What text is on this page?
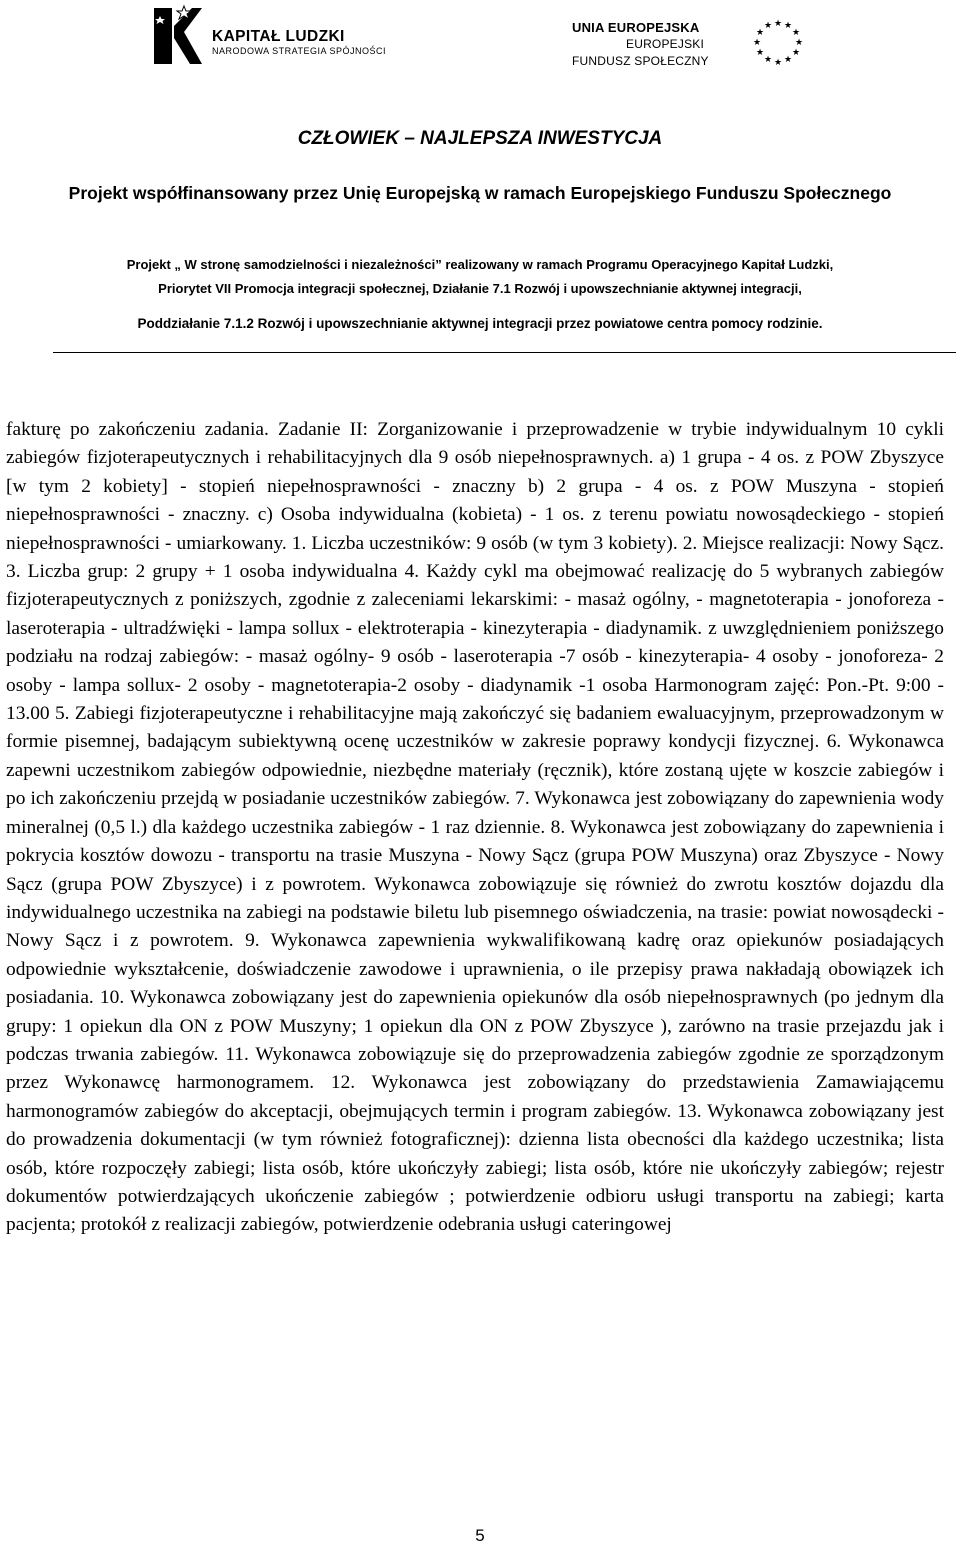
KAPITAŁ LUDZKI
NARODOWA STRATEGIA SPÓJNOŚCI
UNIA EUROPEJSKA
EUROPEJSKI
FUNDUSZ SPOŁECZNY
★ ★
★
★
★
★
★
★
★
★
★
★
CZŁOWIEK – NAJLEPSZA INWESTYCJA
Projekt współfinansowany przez Unię Europejską w ramach Europejskiego Funduszu Społecznego
Projekt „ W stronę samodzielności i niezależności” realizowany w ramach Programu Operacyjnego Kapitał Ludzki,
Priorytet VII Promocja integracji społecznej, Działanie 7.1 Rozwój i upowszechnianie aktywnej integracji,
Poddziałanie 7.1.2 Rozwój i upowszechnianie aktywnej integracji przez powiatowe centra pomocy rodzinie.

fakturę po zakończeniu zadania. Zadanie II: Zorganizowanie i przeprowadzenie w trybie indywidualnym 10 cykli zabiegów fizjoterapeutycznych i rehabilitacyjnych dla 9 osób niepełnosprawnych. a) 1 grupa - 4 os. z POW Zbyszyce [w tym 2 kobiety] - stopień niepełnosprawności - znaczny b) 2 grupa - 4 os. z POW Muszyna - stopień niepełnosprawności - znaczny. c) Osoba indywidualna (kobieta) - 1 os. z terenu powiatu nowosądeckiego - stopień niepełnosprawności - umiarkowany. 1. Liczba uczestników: 9 osób (w tym 3 kobiety). 2. Miejsce realizacji: Nowy Sącz. 3. Liczba grup: 2 grupy + 1 osoba indywidualna 4. Każdy cykl ma obejmować realizację do 5 wybranych zabiegów fizjoterapeutycznych z poniższych, zgodnie z zaleceniami lekarskimi: - masaż ogólny, - magnetoterapia - jonoforeza - laseroterapia - ultradźwięki - lampa sollux - elektroterapia - kinezyterapia - diadynamik. z uwzględnieniem poniższego podziału na rodzaj zabiegów: - masaż ogólny- 9 osób - laseroterapia -7 osób - kinezyterapia- 4 osoby - jonoforeza- 2 osoby - lampa sollux- 2 osoby - magnetoterapia-2 osoby - diadynamik -1 osoba Harmonogram zajęć: Pon.-Pt. 9:00 - 13.00 5. Zabiegi fizjoterapeutyczne i rehabilitacyjne mają zakończyć się badaniem ewaluacyjnym, przeprowadzonym w formie pisemnej, badającym subiektywną ocenę uczestników w zakresie poprawy kondycji fizycznej. 6. Wykonawca zapewni uczestnikom zabiegów odpowiednie, niezbędne materiały (ręcznik), które zostaną ujęte w koszcie zabiegów i po ich zakończeniu przejdą w posiadanie uczestników zabiegów. 7. Wykonawca jest zobowiązany do zapewnienia wody mineralnej (0,5 l.) dla każdego uczestnika zabiegów - 1 raz dziennie. 8. Wykonawca jest zobowiązany do zapewnienia i pokrycia kosztów dowozu - transportu na trasie Muszyna - Nowy Sącz (grupa POW Muszyna) oraz Zbyszyce - Nowy Sącz (grupa POW Zbyszyce) i z powrotem. Wykonawca zobowiązuje się również do zwrotu kosztów dojazdu dla indywidualnego uczestnika na zabiegi na podstawie biletu lub pisemnego oświadczenia, na trasie: powiat nowosądecki - Nowy Sącz i z powrotem. 9. Wykonawca zapewnienia wykwalifikowaną kadrę oraz opiekunów posiadających odpowiednie wykształcenie, doświadczenie zawodowe i uprawnienia, o ile przepisy prawa nakładają obowiązek ich posiadania. 10. Wykonawca zobowiązany jest do zapewnienia opiekunów dla osób niepełnosprawnych (po jednym dla grupy: 1 opiekun dla ON z POW Muszyny; 1 opiekun dla ON z POW Zbyszyce ), zarówno na trasie przejazdu jak i podczas trwania zabiegów. 11. Wykonawca zobowiązuje się do przeprowadzenia zabiegów zgodnie ze sporządzonym przez Wykonawcę harmonogramem. 12. Wykonawca jest zobowiązany do przedstawienia Zamawiającemu harmonogramów zabiegów do akceptacji, obejmujących termin i program zabiegów. 13. Wykonawca zobowiązany jest do prowadzenia dokumentacji (w tym również fotograficznej): dzienna lista obecności dla każdego uczestnika; lista osób, które rozpoczęły zabiegi; lista osób, które ukończyły zabiegi; lista osób, które nie ukończyły zabiegów; rejestr dokumentów potwierdzających ukończenie zabiegów ; potwierdzenie odbioru usługi transportu na zabiegi; karta pacjenta; protokół z realizacji zabiegów, potwierdzenie odebrania usługi cateringowej

5
